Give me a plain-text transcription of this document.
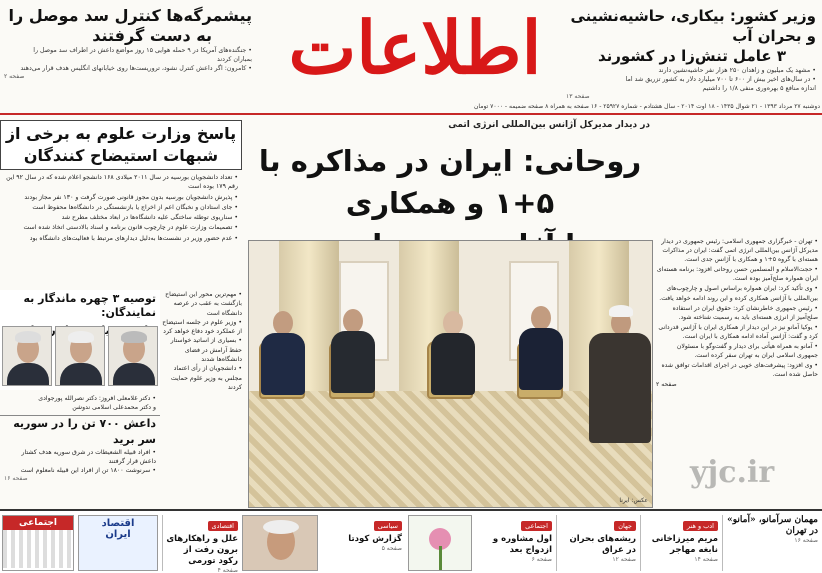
پیشمرگه‌ها کنترل سد موصل را
به دست گرفتند
• جنگنده‌های آمریکا در ۹ حمله هوایی ۱۵ روز مواضع داعش در اطراف سد موصل را
بمباران کردند
• کامرون: اگر داعش کنترل نشود، تروریست‌ها روی خیابانهای انگلیس هدف قرار می‌دهند
صفحه ۲	اطلاعات	وزیر کشور: بیکاری، حاشیه‌نشینی و بحران آب
۳ عامل تنش‌زا در کشورند
• مشهد یک میلیون و زاهدان ۲۵۰ هزار نفر حاشیه‌نشین دارند
• در سال‌های اخیر بیش از ۶۰۰ تا ۷۰۰ میلیارد دلار به کشور تزریق شد اما
اندازه منافع ۵ بهره‌وری منفی ۱/۸ را داشتیم
صفحه ۱۳
دوشنبه ۲۷ مرداد ۱۳۹۳ - ۲۱ شوال ۱۴۳۵ - ۱۸ اوت ۲۰۱۴ - سال هشتادم - شماره ۲۵۹۲۷ - ۱۶ صفحه به همراه ۸ صفحه ضمیمه - ۷۰۰۰ تومان
پاسخ وزارت علوم به برخی از شبهات استیضاح کنندگان

• تعداد دانشجویان بورسیه در سال ۲۰۱۱ میلادی ۱۶۸ دانشجو اعلام شده که در سال ۹۲ این رقم ۱۷۹ بوده است

• پذیرش دانشجویان بورسیه بدون مجوز قانونی صورت گرفت و ۱۳۰ نفر مجاز بودند

• جای استادان و نخبگان اعم از اخراج یا بازنشستگی در دانشگاه‌ها محفوظ است

• سناریوی توطئه ساختگی علیه دانشگاه‌ها در ابعاد مختلف مطرح شد

• تصمیمات وزارت علوم در چارچوب قانون برنامه و اسناد بالادستی اتخاذ شده است

• عدم حضور وزیر در نشست‌ها به‌دلیل دیدارهای مرتبط با فعالیت‌های دانشگاه بود

توصیه ۳ چهره ماندگار به نمایندگان:

• مهم‌ترین محور این استیضاح بازگشت به عقب در عرصه دانشگاه است

• وزیر علوم در جلسه استیضاح از عملکرد خود دفاع خواهد کرد

• بسیاری از اساتید خواستار حفظ آرامش در فضای دانشگاه‌ها شدند

• دانشجویان از رأی اعتماد مجلس به وزیر علوم حمایت کردند

• دکتر غلامعلی افروز: دکتر نصرالله پورجوادی
و دکتر محمدعلی اسلامی ندوشن
داعش ۷۰۰ تن را در سوریه سر برید
• افراد قبیله الشعیطات در شرق سوریه هدف کشتار داعش قرار گرفتند
• سرنوشت ۱۸۰۰ تن از افراد این قبیله نامعلوم است
صفحه ۱۶
در دیدار مدیرکل آژانس بین‌المللی انرژی اتمی
روحانی: ایران در مذاکره با ۵+۱ و همکاری
عکس: ایرنا

• تهران - خبرگزاری جمهوری اسلامی: رئیس جمهوری در دیدار مدیرکل آژانس بین‌المللی انرژی اتمی گفت: ایران در مذاکرات هسته‌ای با گروه ۵+۱ و همکاری با آژانس جدی است.

• حجت‌الاسلام و المسلمین حسن روحانی افزود: برنامه هسته‌ای ایران همواره صلح‌آمیز بوده است.

• وی تأکید کرد: ایران همواره براساس اصول و چارچوب‌های بین‌المللی با آژانس همکاری کرده و این روند ادامه خواهد یافت.

• رئیس جمهوری خاطرنشان کرد: حقوق ایران در استفاده صلح‌آمیز از انرژی هسته‌ای باید به رسمیت شناخته شود.

• یوکیا آمانو نیز در این دیدار از همکاری ایران با آژانس قدردانی کرد و گفت: آژانس آماده ادامه همکاری با ایران است.

• آمانو به همراه هیأتی برای دیدار و گفت‌وگو با مسئولان جمهوری اسلامی ایران به تهران سفر کرده است.

• وی افزود: پیشرفت‌های خوبی در اجرای اقدامات توافق شده حاصل شده است.

صفحه ۲

yjc.ir
اجتماعی	اقتصاد
ایران
اقتصادی
علل و راهکارهای برون رفت از رکود تورمی
صفحه ۴
سیاسی
گزارش کودتا
صفحه ۵
اجتماعی
اول مشاوره و ازدواج بعد
صفحه ۶
جهان
ریشه‌های بحران در عراق
صفحه ۱۲
ادب و هنر
مریم میرزاخانی نابغه مهاجر
صفحه ۱۴
مهمان سرآمانو، «آمانو» در تهران
صفحه ۱۶
